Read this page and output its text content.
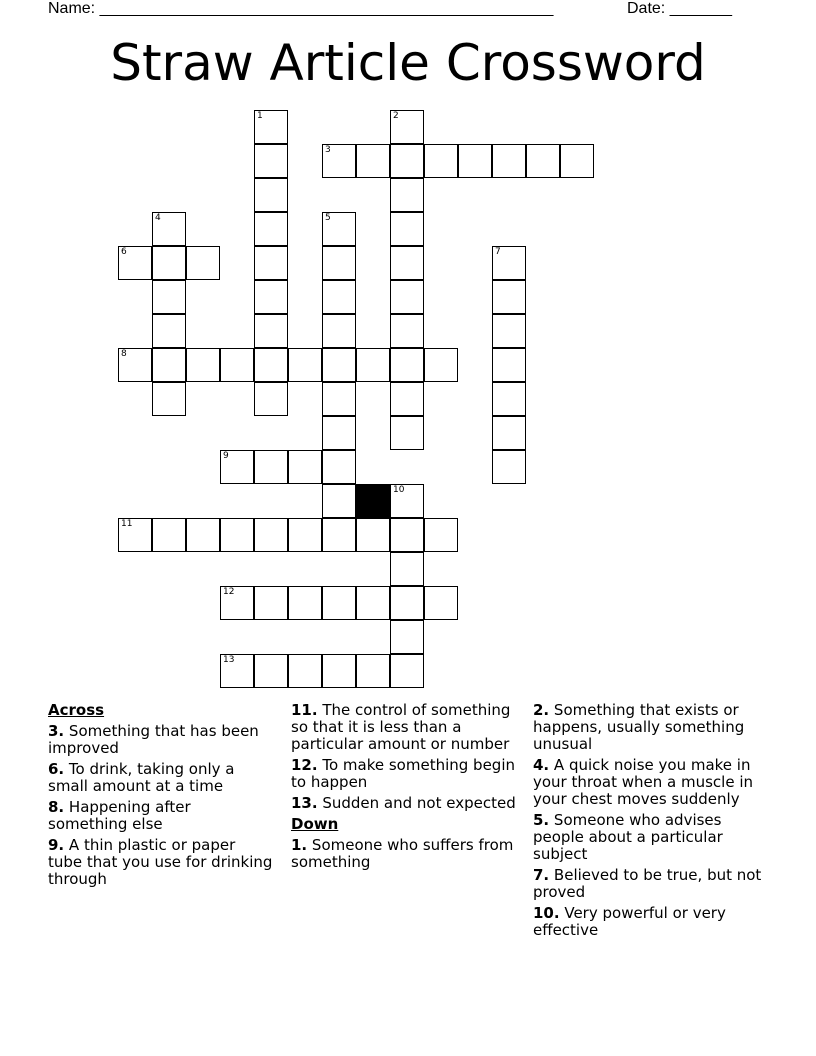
Name: ___________________________________________________	Date: _______
Straw Article Crossword
1	2
3
4	5
6	7
8
9
10
11
12
13
Across
3. Something that has been improved
6. To drink, taking only a small amount at a time
8. Happening after something else
9. A thin plastic or paper tube that you use for drinking through
11. The control of something so that it is less than a particular amount or number
12. To make something begin to happen
13. Sudden and not expected
Down
1. Someone who suffers from something
2. Something that exists or happens, usually something unusual
4. A quick noise you make in your throat when a muscle in your chest moves suddenly
5. Someone who advises people about a particular subject
7. Believed to be true, but not proved
10. Very powerful or very effective
